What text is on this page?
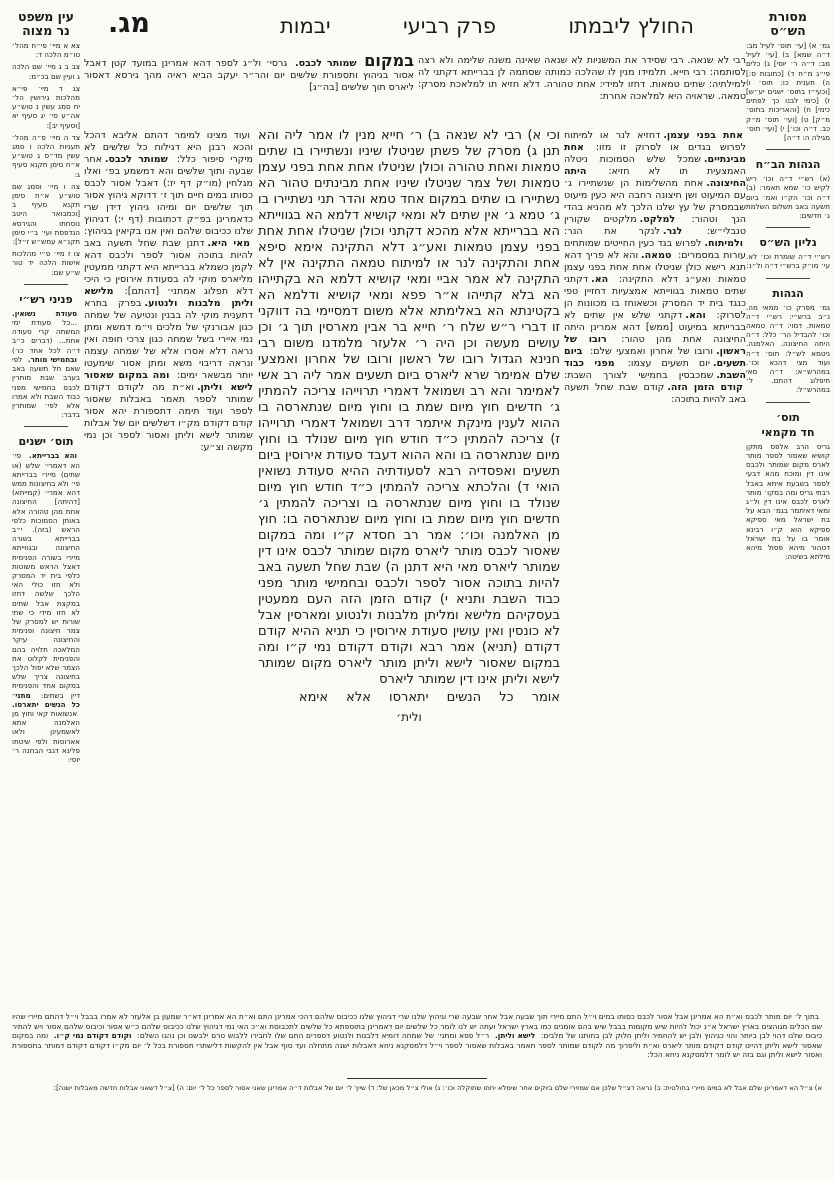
החולץ ליבמתו
פרק רביעי
יבמות
מג.	מסורת
הש״ס
גמ׳ א) [עי׳ תוס׳ לעיל מב: ד״ה שמא] ב) [עי׳ לעיל מב: ד״ה ר׳ יוסי] ג) כלים פי״ג מ״ח ד) [כתובות ס:] ה) תענית כו: תוס׳ ו) [וכעי״ז בתוס׳ ישנים יע״ש] ז) [כימי לבנו כך לפתים כימי] ח) [והאריכות בתוס׳ מ״ק] ט) [ועי׳ תוס׳ מ״ק כב. ד״ה וכו׳] י) [ועי׳ תוס׳ מגילה ה: ד״ה]
הגהות הב״ח
(א) רש״י ד״ה וכו׳ ריש לקיש כו׳ שמא תאמר: (ב) ד״ה וכו׳ הק״ו ואמ׳ ביום תשעה באב תשלום השלמת ג׳ חדשים:
גליון הש״ס
רש״י ד״ה שומרת וכו׳ לא. עי׳ מו״ק ברש״י ד״ה ול״נ:
הגהות
גמ׳ מפרק כו׳ ממאי מה. נ״ב ברש״י: רש״י ד״ה טמאות. דמוי: ד״ה טמאה וכו׳ להבדיל הר׳ כלל: ד״ה היתה החיצונה. האלמנה. ניטמא לש״ל: תוס׳ ד״ה ועוד מצי דהכא וכו׳. במהרש״א: ד״ה מאי תיפלוג דהתם. ל׳ במהרש״ל:
תוס׳
חד מקמאי
גריס הרב אלפס מתקן קושיא שאסור לספר מותר לארס מקום שמותר ולכבס אינו דין ומוכח מהא דבעי לספר בשבעת איתא באבל רבתי גריס ומה במקו׳ מותר לארס לכבס אינו דין ול״ג ומאי דאיתמר בגמ׳ הבא על בת ישראל מאי ספיקא ספיקא הוא ק״ו רבינא אומר בו על בת ישראל דטהור מיהא פסול מיהא מילתא בשיטה:
עין משפט
נר מצוה
צא א מיי׳ פי״ח מהל׳ טו״מ הלכה ד:
צב ב ג מיי׳ שם הלכה ג ועיין שם בכ״מ:
צג ד מיי׳ פי״א מהלכות גירושין הל׳ יח סמג עשין נ טוש״ע אה״ע סי׳ יג סעיף יא [וסעיף יב]:
צד ה מיי׳ פ״ה מהל׳ תעניות הלכה ו סמג עשין מד״ס ג טוש״ע א״ח סימן תקנא סעיף ג:
צה ו מיי׳ וסמג שם טוש״ע א״ח סימן תקנא סעיף ב [וכמבואר היטב נוסחתו והגירסא הנדפסת ועי׳ ב״י סימן תקנ״א עמש״ש ז״ל]:
צו ז מיי׳ פ״י מהלכות אישות הלכה יד טור ש״ע שם:
פניני רש״י
סעודת נשואין. ...כל סעודת ימי המשתה קרי סעודה אחת... (דברים כ״ב ד״ה לכל אחד כו׳) ובחמישי מותר. לפי שאם חל תשעה באב בערב שבת מותרין לכבס בחמישי מפני כבוד השבת ולא אמרו אלא לפי׳ שמותרין בדבר:
תוס׳ ישנים
והא בברייתא. פי׳ הא דאמרי׳ שלש (או שתים) מיירי בברייתא פי׳ ולא בחיצונות ממש דהא אמרי׳ (קמייתא) [דהיתה] החיצונה אחת מהן טהורה אלא באותן הסמוכות כלפי הראש (בזה). י״ב בברייתא בשורה החיצונה ובגווייתא מיירי בשורה הפנימית דאצל הראש משוטות כלפי בית יד המסרק ולא חזו כולי האי הלכך שלשה דחזו במקצת אבל שתים לא חזו מידי כי שתי שורות יש למסרק של צמר חיצונה ופנימית והחיצונה עיקר המלאכה תלויה בהם והפנימית לקלוט את הצמר שלא יפול הלכך בחיצונה צריך שלש במקום אחד והפנימית דיין בשתים: מתני׳ כל הנשים יתארסו. אנשואות קאי וחוץ מן האלמנה אתא לאשמעינן ולאו אארוסות ולפי שיטתו פליגא דגבי הבחנה ר׳ יוסי:
רבי לא שנאה. רבי שסידר את המשניות לא שנאה שאינה משנה שלימה ולא רצה לסותמה: רבי חייא. תלמידו מנין לו שהלכה כמותה שסתמה לן בברייתא דקתני לה למילתיה: שתים טמאות. דחזו למידי: אחת טהורה. דלא חזיא תו למלאכת מסרק: טמאה. שראויה היא למלאכה אחרת:
אחת בפני עצמן.דחזיא לנר או למיתוח לפרוש בגדים או לסרוק זו מזו: אחת מבינתיים.שמכל שלש הסמוכות ניטלה האמצעית תו לא חזיא: היתה החיצונה.אחת מהשלימות הן שנשתיירו ג׳ עם המיעוט ושן חיצונה רחבה היא כעין מיעוט שבמסרק של עץ שלנו הלכך לא מהניא בהדי הנך וטהור: למלקט.מלקטים שקורין טנבלי״ש: לנר.לנקר את הנר: ולמיתוח.לפרוש בגד כעין החייטים שמותחים עורות במסמרים: טמאה.והא לא פריך דהא תנא רישא כולן שניטלו אחת אחת בפני עצמן טמאות ואע״ג דלא התקינה: הא.דקתני שתים טמאות בגווייתא אמצעיות דחזיין טפי כנגד בית יד המסרק וכשאוחז בו מכוונות הן לסרוק: והא.דקתני שלש אין שתים לא בברייתא במיעוט [ממש] דהא אמרינן היתה החיצונה אחת מהן טהור: רובו של ראשון.ורובו של אחרון ואמצעי שלם: ביום תשעים.יום תשעים עצמו: מפני כבוד השבת.שמכבסין בחמישי לצורך השבת: קודם הזמן הזה.קודם שבת שחל תשעה באב להיות בתוכה:
וכי א) רבי לא שנאה ב) ר׳ חייא מנין לו אמר ליה והא תנן ג) מסרק של פשתן שניטלו שיניו ונשתיירו בו שתים טמאות ואחת טהורה וכולן שניטלו אחת אחת בפני עצמן טמאות ושל צמר שניטלו שיניו אחת מבינתים טהור הא נשתיירו בו שתים במקום אחד טמא והדר תני נשתיירו בו ג׳ טמא ג׳ אין שתים לא ומאי קושיא דלמא הא בגווייתא הא בברייתא אלא מהכא דקתני וכולן שניטלו אחת אחת בפני עצמן טמאות ואע״ג דלא התקינה אימא סיפא אחת והתקינה לנר או למיתוח טמאה התקינה אין לא התקינה לא אמר אביי ומאי קושיא דלמא הא בקתייהו הא בלא קתייהו א״ר פפא ומאי קושיא ודלמא הא בקטינתא הא באלימתא אלא משום דמסיימי בה דווקני זו דברי ר״ש שלח ר׳ חייא בר אבין מארסין תוך ג׳ וכן עושים מעשה וכן היה ר׳ אלעזר מלמדנו משום רבי חנינא הגדול רובו של ראשון ורובו של אחרון ואמצעי שלם אמימר שרא ליארס ביום תשעים אמר ליה רב אשי לאמימר והא רב ושמואל דאמרי תרוייהו צריכה להמתין ג׳ חדשים חוץ מיום שמת בו וחוץ מיום שנתארסה בו ההוא לענין מינקת איתמר דרב ושמואל דאמרי תרוייהו ז) צריכה להמתין כ״ד חודש חוץ מיום שנולד בו וחוץ מיום שנתארסה בו והא ההוא דעבד סעודת אירוסין ביום תשעים ואפסדיה רבא לסעודתיה ההיא סעודת נשואין הואי ד) והלכתא צריכה להמתין כ״ד חודש חוץ מיום שנולד בו וחוץ מיום שנתארסה בו וצריכה להמתין ג׳ חדשים חוץ מיום שמת בו וחוץ מיום שנתארסה בו: חוץ מן האלמנה וכו׳: אמר רב חסדא ק״ו ומה במקום שאסור לכבס מותר ליארס מקום שמותר לכבס אינו דין שמותר ליארס מאי היא דתנן ה) שבת שחל תשעה באב להיות בתוכה אסור לספר ולכבס ובחמישי מותר מפני כבוד השבת ותניא י) קודם הזמן הזה העם ממעטין בעסקיהם מלישא ומליתן מלבנות ולנטוע ומארסין אבל לא כונסין ואין עושין סעודת אירוסין כי תניא ההיא קודם דקודם (תניא) אמר רבא וקודם דקודם נמי ק״ו ומה במקום שאסור לישא וליתן מותר ליארס מקום שמותר לישא וליתן אינו דין שמותר ליארס
אומר כל הנשים יתארסו אלא אימא
ולית׳
במקום שמותר לכבס. גרסי׳ ול״ג לספר דהא אמרינן במועד קטן דאבל אסור בגיהוץ ותספורת שלשים יום והר״ר יעקב הביא ראיה מהך גירסא דאסור ליארס תוך שלשים [בה״ג]
ועוד מצינו למימר דהתם אליבא דהכל והכא רבנן היא דגילוח כל שלשים לא מיקרי סיפור כלל: שמותר לכבס.אחר שבעה ותוך שלשים והא דמשמע בפ׳ ואלו מגלחין (מו״ק דף יז:) דאבל אסור לכבס כסותו במים חיים תוך ז׳ דדוקא גיהוץ אסור תוך שלשים יום ומיהו גיהוץ דידן שרי כדאמרינן בפ״ק דכתובות (דף י:) דגיהוץ שלנו ככיבוס שלהם ואין אנו בקיאין בגיהוץ: מאי היא.דתנן שבת שחל תשעה באב להיות בתוכה אסור לספר ולכבס דהא לקמן כשמלא בברייתא היא דקתני ממעטין מליארס מוקי לה בסעודת אירוסין כי היכי דלא תפלוג אמתני׳ [דהתם]: מלישא וליתן מלבנות ולנטוע.בפרק בתרא דתענית מוקי לה בבנין ונטיעה של שמחה כגון אבורנקי של מלכים וי״מ דמשא ומתן נמי איירי בשל שמחה כגון צרכי חופה ואין נראה דלא אסרו אלא של שמחה עצמה ונראה דריבוי משא ומתן אסור שימעטו יותר מבשאר ימים: ומה במקום שאסור לישא וליתן.וא״ת מה לקודם דקודם שמותר לספר תאמר באבלות שאסור לספר ועוד תימה דתספורת יהא אסור קודם דקודם מק״ו דשלשים יום של אבלות שמותר לישא וליתן ואסור לספר וכן נמי מקשה וצ״ע:
בתוך ל׳ יום מותר לכבס וא״ת הא אמרינן אבל אסור לכבס כסותו במים וי״ל התם מיירי תוך שבעה אבל אחר שבעה שרי וגיהוץ שלנו שרי דגיהוץ שלנו ככיבוס שלהם דהכי אמרינן התם וא״ת הא אמרינן דא״ר שמעון בן אלעזר לא אמרו בבבל וי״ל דהתם מיירי שהיו שם הכלים מגוהצים בארץ ישראל א״נ יכול להיות שיש מקומות בבבל שיש בהם אומנים כמו בארץ ישראל ועתה יש לנו לומר כל שלשים יום דאמרינן בתוספתא כל שלשים לתכבוסת וא״כ האי נמי דגיהוץ שלנו ככיבוס שלהם כ״ש אסור וכיבוס שלהם אסור ויש להתיר כיבוס שלנו דהוי לבן ביותר והוי כגיהוץ ולבן יש להחמיר וליתן חלוק לבן בחותנו של מלבים: לישא וליתן. ר״ל פפא ומתני׳ של שמחה דומיא דלבנות ולנטוע דספרים התם שלו לחבירו ללבוש טרם ילבשנו וכן נהגו השלם: וקודם דקודם נמי ק״ו. ומה במקום שאסור לישא וליתן דהיינו קודם דקודם מותר ליארס וא״ת וליפרוך מה לקודם שמותר לספר תאמר באבלות שאסור לספר וי״ל דלמסקנא ניחא דאבלות ישנה מתחלה ועד סוף אבל אין להקשות דלישתרי תספורת בכל ל׳ יום מק״ו דקודם דקודם דמותר בתספורת ואסור לישא וליתן וגם בזה יש לומר דלמסקנא ניחא הכל:
א) צ״ל הא דאמרינן שלם אבל לא במים מיירי בחולטית: ב) נראה דצ״ל שלכן אם שמזירי שלם ביוקים אחר שימלא יחתו שתוקלה וכו׳: ג) אולי צ״ל מכאן של: ד) שייך ל׳ יום של אבלות ד״ה אמרינן שאני אסור לספר כל ל׳ יום: ה) [צ״ל דשאני אבלות חדשה מאבלות ישנה]:
